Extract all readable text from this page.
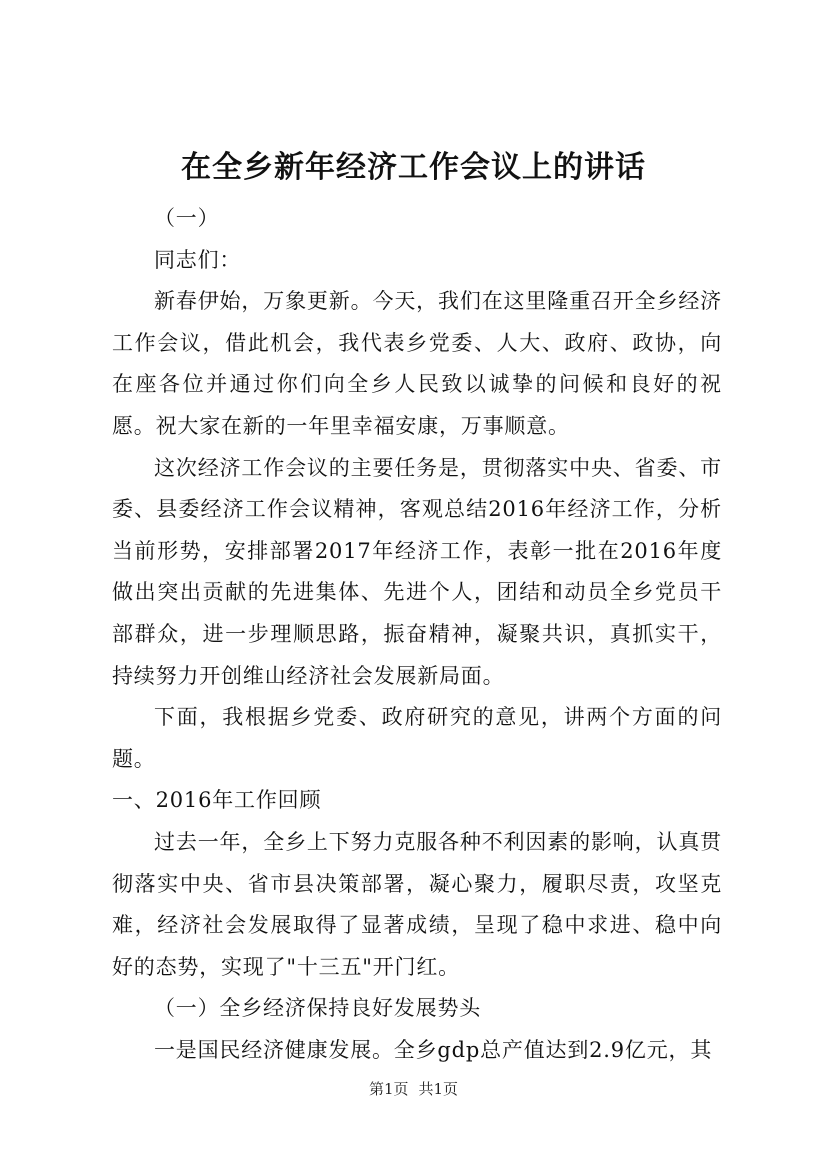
在全乡新年经济工作会议上的讲话

（一）

同志们：

新春伊始，万象更新。今天，我们在这里隆重召开全乡经济工作会议，借此机会，我代表乡党委、人大、政府、政协，向在座各位并通过你们向全乡人民致以诚挚的问候和良好的祝愿。祝大家在新的一年里幸福安康，万事顺意。

这次经济工作会议的主要任务是，贯彻落实中央、省委、市委、县委经济工作会议精神，客观总结2016年经济工作，分析当前形势，安排部署2017年经济工作，表彰一批在2016年度做出突出贡献的先进集体、先进个人，团结和动员全乡党员干部群众，进一步理顺思路，振奋精神，凝聚共识，真抓实干，持续努力开创维山经济社会发展新局面。

下面，我根据乡党委、政府研究的意见，讲两个方面的问题。

一、2016年工作回顾

过去一年，全乡上下努力克服各种不利因素的影响，认真贯彻落实中央、省市县决策部署，凝心聚力，履职尽责，攻坚克难，经济社会发展取得了显著成绩，呈现了稳中求进、稳中向好的态势，实现了"十三五"开门红。

（一）全乡经济保持良好发展势头

一是国民经济健康发展。全乡gdp总产值达到2.9亿元，其

第1页 共1页
